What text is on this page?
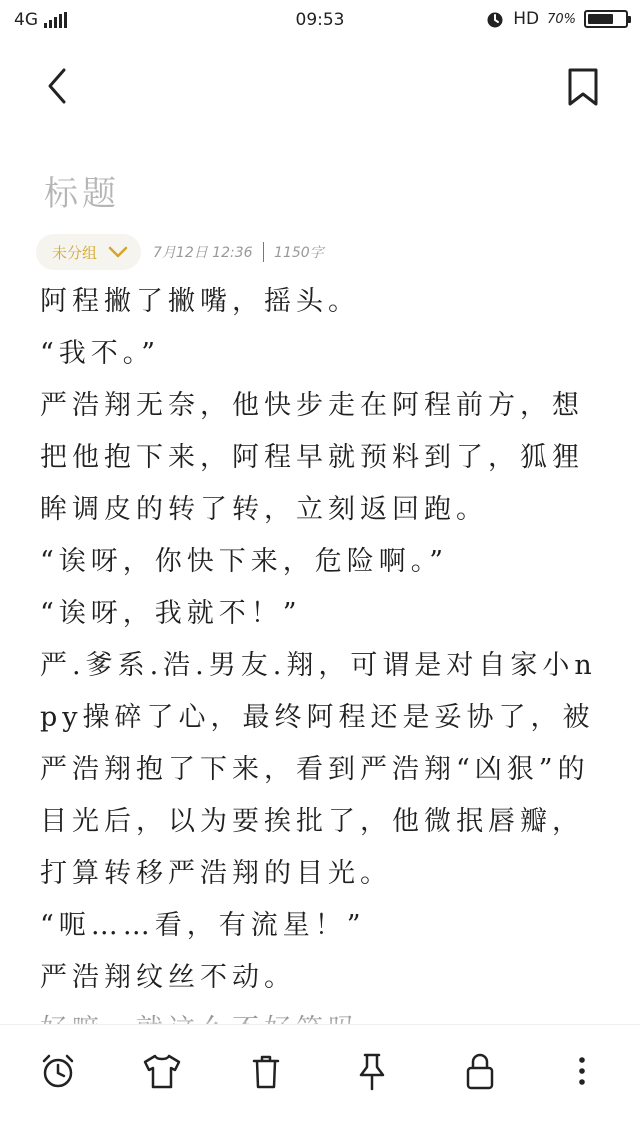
4G	09:53	HD 70%
标题
未分组	7月12日 12:36 1150字

阿程撇了撇嘴，摇头。

“我不。”

严浩翔无奈，他快步走在阿程前方，想把他抱下来，阿程早就预料到了，狐狸眸调皮的转了转，立刻返回跑。

“诶呀，你快下来，危险啊。”

“诶呀，我就不！”

严.爹系.浩.男友.翔，可谓是对自家小npy操碎了心，最终阿程还是妥协了，被严浩翔抱了下来，看到严浩翔“凶狠”的目光后，以为要挨批了，他微抿唇瓣，打算转移严浩翔的目光。

“呃……看，有流星！”

严浩翔纹丝不动。
